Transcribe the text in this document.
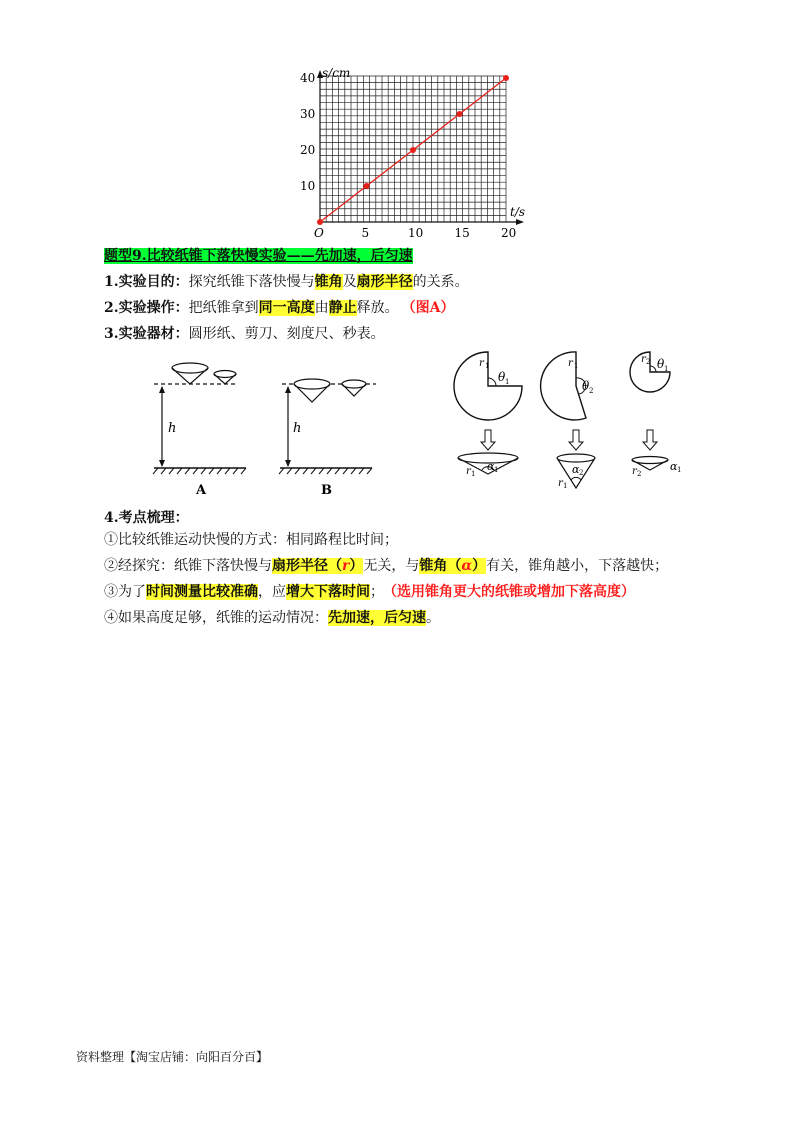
O	5	10	15	20
10
20
30
40 s/cm
t/s
题型9.比较纸锥下落快慢实验——先加速，后匀速
1.实验目的：探究纸锥下落快慢与锥角及扇形半径的关系。
2.实验操作：把纸锥拿到同一高度由静止释放。 （图A）
3.实验器材：圆形纸、剪刀、刻度尺、秒表。
h
A
h
B
r 1
θ 1
α 1
r 1
r 1
θ 2
α 2
r 1
r 2 θ 1
α 1
r 2
4.考点梳理：
①比较纸锥运动快慢的方式：相同路程比时间；
②经探究：纸锥下落快慢与扇形半径（r）无关，与锥角（α）有关，锥角越小，下落越快；
③为了时间测量比较准确，应增大下落时间； （选用锥角更大的纸锥或增加下落高度）
④如果高度足够，纸锥的运动情况：先加速，后匀速。
资料整理【淘宝店铺：向阳百分百】
